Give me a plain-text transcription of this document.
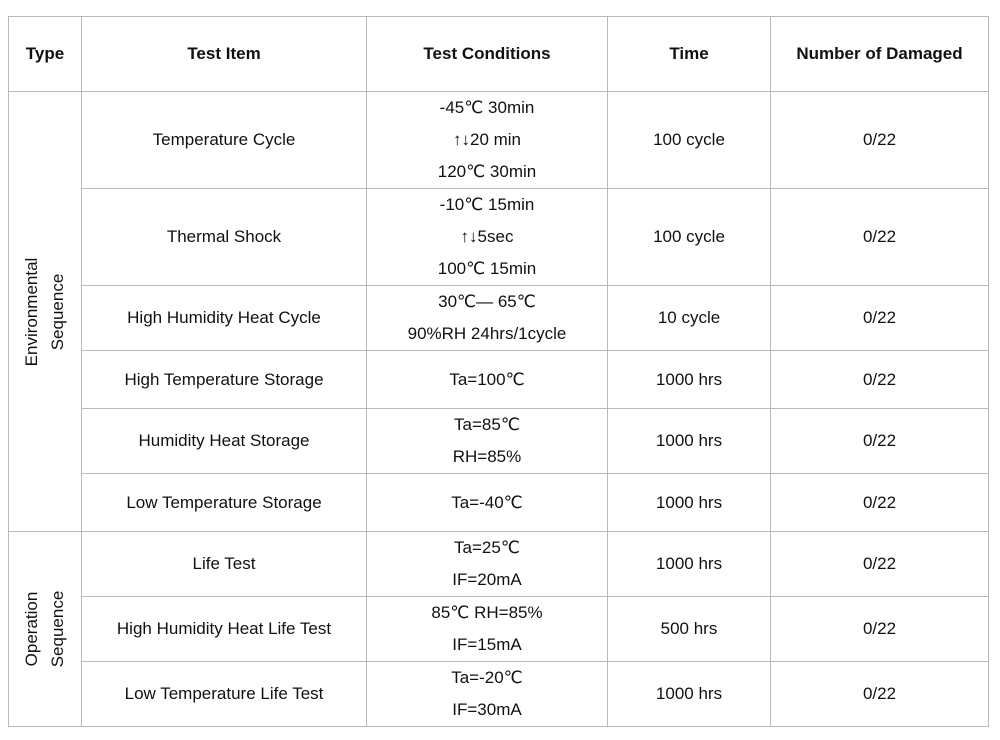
Type	Test Item	Test Conditions	Time	Number of Damaged

Environmental Sequence	Temperature Cycle	-45℃ 30min
↑↓20 min
120℃ 30min	100 cycle	0/22
	Thermal Shock	-10℃ 15min
↑↓5sec
100℃ 15min	100 cycle	0/22
	High Humidity Heat Cycle	30℃— 65℃
90%RH 24hrs/1cycle	10 cycle	0/22
	High Temperature Storage	Ta=100℃	1000 hrs	0/22
	Humidity Heat Storage	Ta=85℃
RH=85%	1000 hrs	0/22
	Low Temperature Storage	Ta=-40℃	1000 hrs	0/22

Operation Sequence	Life Test	Ta=25℃
IF=20mA	1000 hrs	0/22
	High Humidity Heat Life Test	85℃ RH=85%
IF=15mA	500 hrs	0/22
	Low Temperature Life Test	Ta=-20℃
IF=30mA	1000 hrs	0/22
